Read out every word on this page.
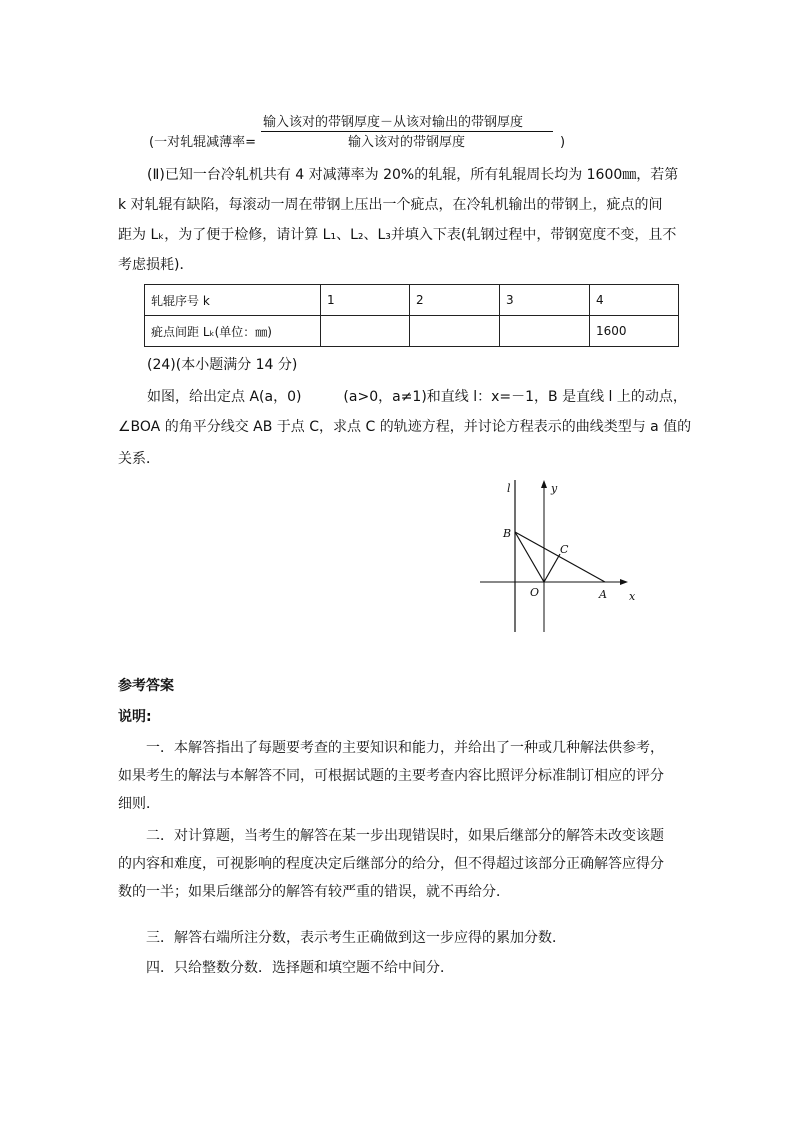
输入该对的带钢厚度－从该对输出的带钢厚度
(一对轧辊减薄率=	输入该对的带钢厚度	)
(Ⅱ)已知一台冷轧机共有 4 对减薄率为 20%的轧辊，所有轧辊周长均为 1600㎜，若第
k 对轧辊有缺陷，每滚动一周在带钢上压出一个疵点，在冷轧机输出的带钢上，疵点的间
距为 Lₖ，为了便于检修，请计算 L₁、L₂、L₃并填入下表(轧钢过程中，带钢宽度不变，且不
考虑损耗)．
轧辊序号 k	1	2	3	4
疵点间距 Lₖ(单位：㎜)				1600
(24)(本小题满分 14 分)
如图，给出定点 A(a，0)　　　(a>0，a≠1)和直线 l：x=－1，B 是直线 l 上的动点，
∠BOA 的角平分线交 AB 于点 C，求点 C 的轨迹方程，并讨论方程表示的曲线类型与 a 值的
关系．
l	y
x
B
C
O	A
参考答案
说明:
一．本解答指出了每题要考查的主要知识和能力，并给出了一种或几种解法供参考，如果考生的解法与本解答不同，可根据试题的主要考查内容比照评分标准制订相应的评分细则．
二．对计算题，当考生的解答在某一步出现错误时，如果后继部分的解答未改变该题的内容和难度，可视影响的程度决定后继部分的给分，但不得超过该部分正确解答应得分数的一半；如果后继部分的解答有较严重的错误，就不再给分．
三．解答右端所注分数，表示考生正确做到这一步应得的累加分数．
四．只给整数分数．选择题和填空题不给中间分．
